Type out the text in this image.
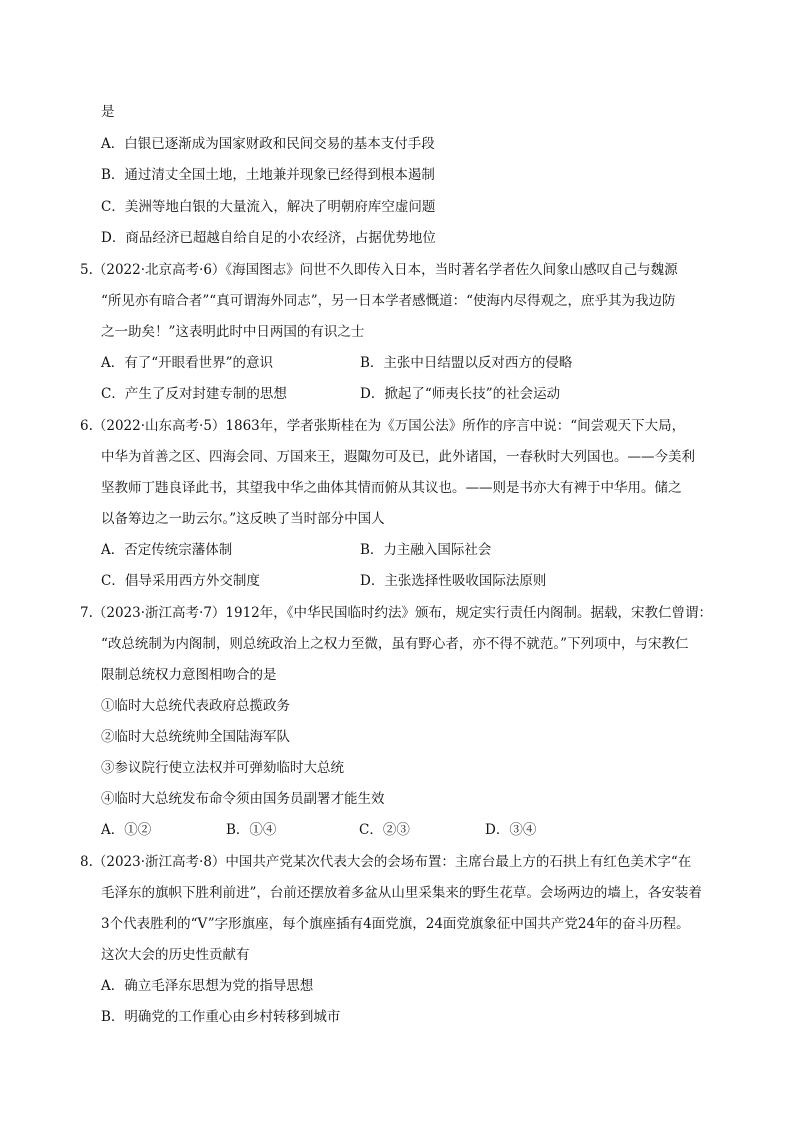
是
A．白银已逐渐成为国家财政和民间交易的基本支付手段
B．通过清丈全国土地，土地兼并现象已经得到根本遏制
C．美洲等地白银的大量流入，解决了明朝府库空虚问题
D．商品经济已超越自给自足的小农经济，占据优势地位
5.（2022·北京高考·6）《海国图志》问世不久即传入日本，当时著名学者佐久间象山感叹自己与魏源
“所见亦有暗合者”“真可谓海外同志”，另一日本学者感慨道：“使海内尽得观之，庶乎其为我边防
之一助矣！”这表明此时中日两国的有识之士
A．有了“开眼看世界”的意识	B．主张中日结盟以反对西方的侵略
C．产生了反对封建专制的思想	D．掀起了“师夷长技”的社会运动
6.（2022·山东高考·5）1863年，学者张斯桂在为《万国公法》所作的序言中说：“间尝观天下大局，
中华为首善之区、四海会同、万国来王，遐陬勿可及已，此外诸国，一春秋时大列国也。——今美利
坚教师丁韪良译此书，其望我中华之曲体其情而俯从其议也。——则是书亦大有裨于中华用。储之
以备筹边之一助云尔。”这反映了当时部分中国人
A．否定传统宗藩体制	B．力主融入国际社会
C．倡导采用西方外交制度	D．主张选择性吸收国际法原则
7.（2023·浙江高考·7）1912年，《中华民国临时约法》颁布，规定实行责任内阁制。据载，宋教仁曾谓：
“改总统制为内阁制，则总统政治上之权力至微，虽有野心者，亦不得不就范。”下列项中，与宋教仁
限制总统权力意图相吻合的是
①临时大总统代表政府总揽政务
②临时大总统统帅全国陆海军队
③参议院行使立法权并可弹劾临时大总统
④临时大总统发布命令须由国务员副署才能生效
A．①②	B．①④	C．②③	D．③④
8.（2023·浙江高考·8）中国共产党某次代表大会的会场布置：主席台最上方的石拱上有红色美术字“在
毛泽东的旗帜下胜利前进”，台前还摆放着多盆从山里采集来的野生花草。会场两边的墙上，各安装着
3个代表胜利的“V”字形旗座，每个旗座插有4面党旗，24面党旗象征中国共产党24年的奋斗历程。
这次大会的历史性贡献有
A．确立毛泽东思想为党的指导思想
B．明确党的工作重心由乡村转移到城市
